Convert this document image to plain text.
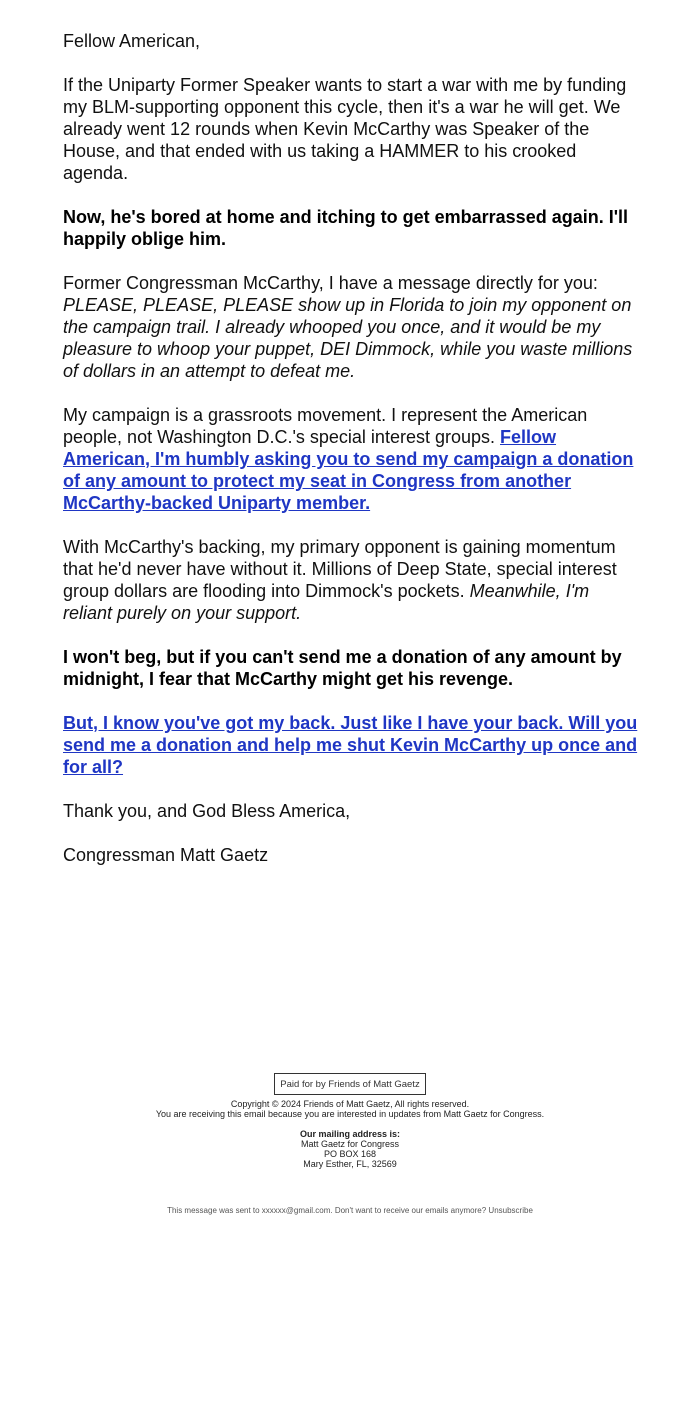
Fellow American,

If the Uniparty Former Speaker wants to start a war with me by funding my BLM-supporting opponent this cycle, then it's a war he will get. We already went 12 rounds when Kevin McCarthy was Speaker of the House, and that ended with us taking a HAMMER to his crooked agenda.

Now, he's bored at home and itching to get embarrassed again. I'll happily oblige him.

Former Congressman McCarthy, I have a message directly for you: PLEASE, PLEASE, PLEASE show up in Florida to join my opponent on the campaign trail. I already whooped you once, and it would be my pleasure to whoop your puppet, DEI Dimmock, while you waste millions of dollars in an attempt to defeat me.

My campaign is a grassroots movement. I represent the American people, not Washington D.C.'s special interest groups. Fellow American, I'm humbly asking you to send my campaign a donation of any amount to protect my seat in Congress from another McCarthy-backed Uniparty member.

With McCarthy's backing, my primary opponent is gaining momentum that he'd never have without it. Millions of Deep State, special interest group dollars are flooding into Dimmock's pockets. Meanwhile, I'm reliant purely on your support.

I won't beg, but if you can't send me a donation of any amount by midnight, I fear that McCarthy might get his revenge.

But, I know you've got my back. Just like I have your back. Will you send me a donation and help me shut Kevin McCarthy up once and for all?

Thank you, and God Bless America,

Congressman Matt Gaetz

Paid for by Friends of Matt Gaetz
Copyright © 2024 Friends of Matt Gaetz, All rights reserved.
You are receiving this email because you are interested in updates from Matt Gaetz for Congress.
Our mailing address is:
Matt Gaetz for Congress
PO BOX 168
Mary Esther, FL, 32569
This message was sent to xxxxxx@gmail.com. Don't want to receive our emails anymore? Unsubscribe
